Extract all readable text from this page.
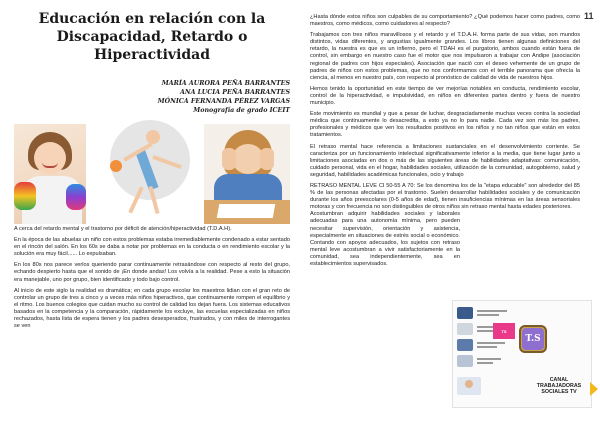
Educación en relación con la Discapacidad, Retardo o Hiperactividad
MARÍA AURORA PEÑA BARRANTES
ANA LUCIA PEÑA BARRANTES
MÓNICA FERNANDA PÉREZ VARGAS
Monografía de grado ICEIT

A cerca del retardo mental y el trastorno por déficit de atención/hiperactividad (T.D.A.H).

En la época de las abuelas un niño con estos problemas estaba irremediablemente condenado a estar sentado en el rincón del salón. En los 60s se daba a notar por problemas en la conducta o en rendimiento escolar y la solución era muy fácil...... Lo expulsaban.

En los 80s nos parece verlos queriendo parar continuamente retrasándose con respecto al resto del grupo, echando despierto hasta que el sonido de ¡En donde andas! Los volvía a la realidad. Pese a esto la situación era manejable, uno por grupo, bien identificado y todo bajo control.

Al inicio de este siglo la realidad es dramática; en cada grupo escolar los maestros lidian con el gran reto de controlar un grupo de tres a cinco y a veces más niños hiperactivos, que continuamente rompen el equilibrio y el ritmo. Los buenos colegios que cuidan mucho su control de calidad los dejan fuera. Los sistemas educativos basados en la competencia y la comparación, rápidamente los excluye, las escuelas especializadas en niños rechazados, hasta lista de espera tienen y los padres desesperados, frustrados, y con miles de interrogantes se ven

11

¿Hasta dónde estos niños son culpables de su comportamiento? ¿Qué podemos hacer como padres, como maestros, como médicos, como cuidadores al respecto?

Trabajamos con tres niños maravillosos y el retardo y el T.D.A.H. forma parte de sus vidas, son mundos distintos, vidas diferentes, y angustias igualmente grandes. Los libros tienen algunas definiciones del retardo, la nuestra es que es un infierno, pero el TDAH es el purgatorio, ambos cuando están fuera de control, sin embargo en nuestro caso fue el motor que nos impulsaron a trabajar con Andipe (asociación regional de padres con hijos especiales). Asociación que nació con el deseo vehemente de un grupo de padres de niños con estos problemas, que no nos conformamos con el terrible panorama que ofrecía la ciencia, al menos en nuestro país, con respecto al pronóstico de calidad de vida de nuestros hijos.

Hemos tenido la oportunidad en este tiempo de ver mejorías notables en conducta, rendimiento escolar, control de la hiperactividad, e impulsividad, en niños en diferentes partes dentro y fuera de nuestro municipio.

Este movimiento es mundial y que a pesar de luchar, desgraciadamente muchas veces contra la sociedad médica que continuamente lo desacredita, a esto ya no lo para nadie. Cada vez son más los padres, profesionales y médicos que ven los resultados positivos en los niños y no tan niños que están en estos tratamientos.

El retraso mental hace referencia a limitaciones sustanciales en el desenvolvimiento corriente. Se caracteriza por un funcionamiento intelectual significativamente inferior a la media, que tiene lugar junto a limitaciones asociadas en dos o más de las siguientes áreas de habilidades adaptativas: comunicación, cuidado personal, vida en el hogar, habilidades sociales, utilización de la comunidad, autogobierno, salud y seguridad, habilidades académicas funcionales, ocio y trabajo

RETRASO MENTAL LEVE CI 50-55 A 70: Se los denomina los de la "etapa educable" son alrededor del 85 % de las personas afectadas por el trastorno. Suelen desarrollar habilidades sociales y de comunicación durante los años preescolares (0-5 años de edad), tienen insuficiencias mínimas en las áreas sensoriales motoras y con frecuencia no son distinguibles de otros niños sin retraso mental hasta edades posteriores.

Acostumbran adquirir habilidades sociales y laborales adecuadas para una autonomía mínima, pero pueden necesitar supervisión, orientación y asistencia, especialmente en situaciones de estrés social o económico. Contando con apoyos adecuados, los sujetos con retraso mental leve acostumbran a vivir satisfactoriamente en la comunidad, sea independientemente, sea en establecimientos supervisados.

TS
T.S
CANAL TRABAJADORAS SOCIALES TV
